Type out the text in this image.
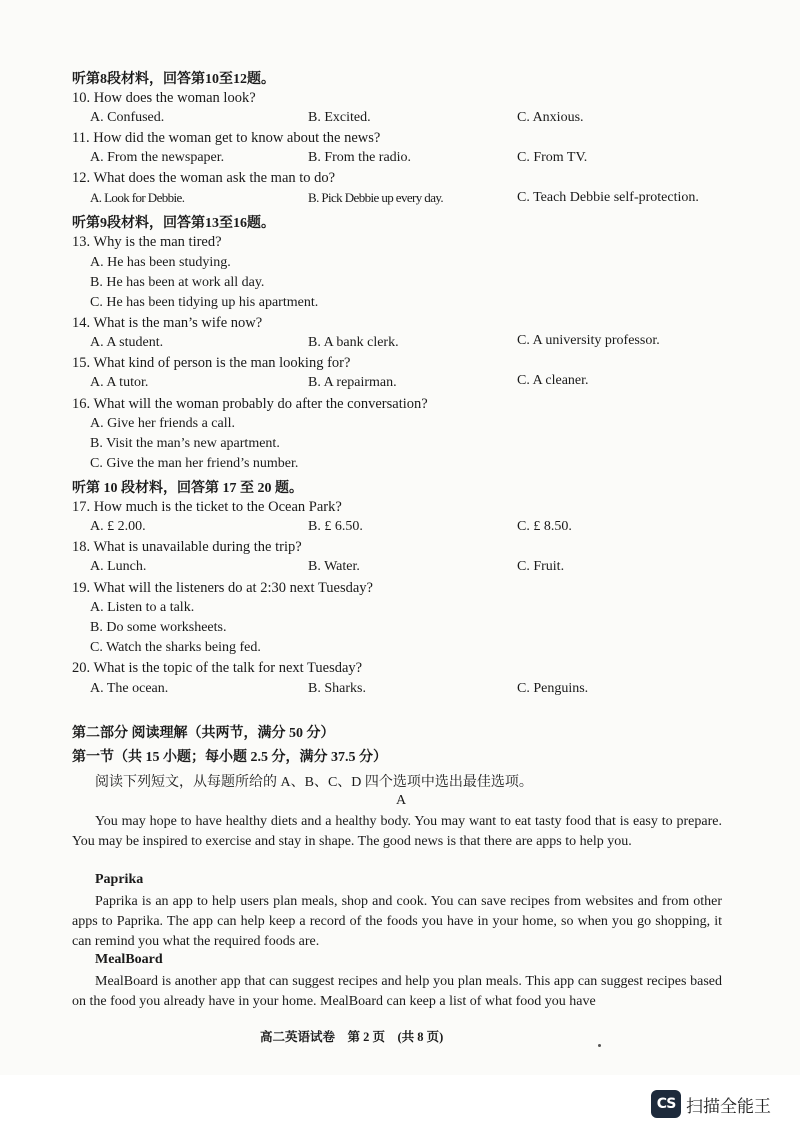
听第8段材料，回答第10至12题。
10. How does the woman look?
A. Confused.	B. Excited.	C. Anxious.
11. How did the woman get to know about the news?
A. From the newspaper.	B. From the radio.	C. From TV.
12. What does the woman ask the man to do?
A. Look for Debbie.	B. Pick Debbie up every day.	C. Teach Debbie self-protection.
听第9段材料，回答第13至16题。
13. Why is the man tired?
A. He has been studying.
B. He has been at work all day.
C. He has been tidying up his apartment.
14. What is the man’s wife now?
A. A student.	B. A bank clerk.	C. A university professor.
15. What kind of person is the man looking for?
A. A tutor.	B. A repairman.	C. A cleaner.
16. What will the woman probably do after the conversation?
A. Give her friends a call.
B. Visit the man’s new apartment.
C. Give the man her friend’s number.
听第 10 段材料，回答第 17 至 20 题。
17. How much is the ticket to the Ocean Park?
A. £ 2.00.	B. £ 6.50.	C. £ 8.50.
18. What is unavailable during the trip?
A. Lunch.	B. Water.	C. Fruit.
19. What will the listeners do at 2:30 next Tuesday?
A. Listen to a talk.
B. Do some worksheets.
C. Watch the sharks being fed.
20. What is the topic of the talk for next Tuesday?
A. The ocean.	B. Sharks.	C. Penguins.
第二部分 阅读理解（共两节，满分 50 分）
第一节（共 15 小题；每小题 2.5 分，满分 37.5 分）
阅读下列短文，从每题所给的 A、B、C、D 四个选项中选出最佳选项。
A
You may hope to have healthy diets and a healthy body. You may want to eat tasty food that is easy to prepare. You may be inspired to exercise and stay in shape. The good news is that there are apps to help you.
Paprika
Paprika is an app to help users plan meals, shop and cook. You can save recipes from websites and from other apps to Paprika. The app can help keep a record of the foods you have in your home, so when you go shopping, it can remind you what the required foods are.
MealBoard
MealBoard is another app that can suggest recipes and help you plan meals. This app can suggest recipes based on the food you already have in your home. MealBoard can keep a list of what food you have
高二英语试卷　第 2 页　(共 8 页)
CS 扫描全能王
